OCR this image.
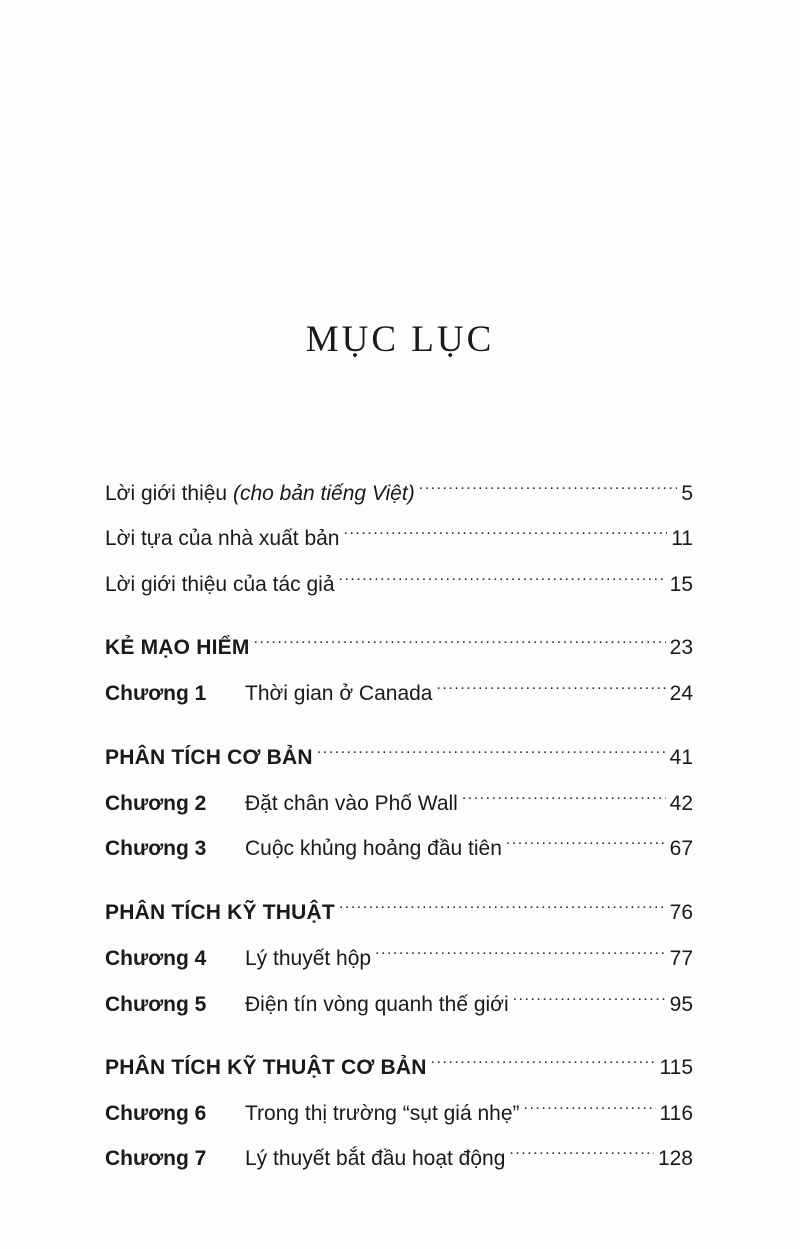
MỤC LỤC
Lời giới thiệu (cho bản tiếng Việt) .....	5
Lời tựa của nhà xuất bản .....	11
Lời giới thiệu của tác giả .....	15
KẺ MẠO HIỂM .....	23
Chương 1	Thời gian ở Canada .....	24
PHÂN TÍCH CƠ BẢN .....	41
Chương 2	Đặt chân vào Phố Wall .....	42
Chương 3	Cuộc khủng hoảng đầu tiên .....	67
PHÂN TÍCH KỸ THUẬT .....	76
Chương 4	Lý thuyết hộp .....	77
Chương 5	Điện tín vòng quanh thế giới .....	95
PHÂN TÍCH KỸ THUẬT CƠ BẢN .....	115
Chương 6	Trong thị trường “sụt giá nhẹ” .....	116
Chương 7	Lý thuyết bắt đầu hoạt động .....	128
